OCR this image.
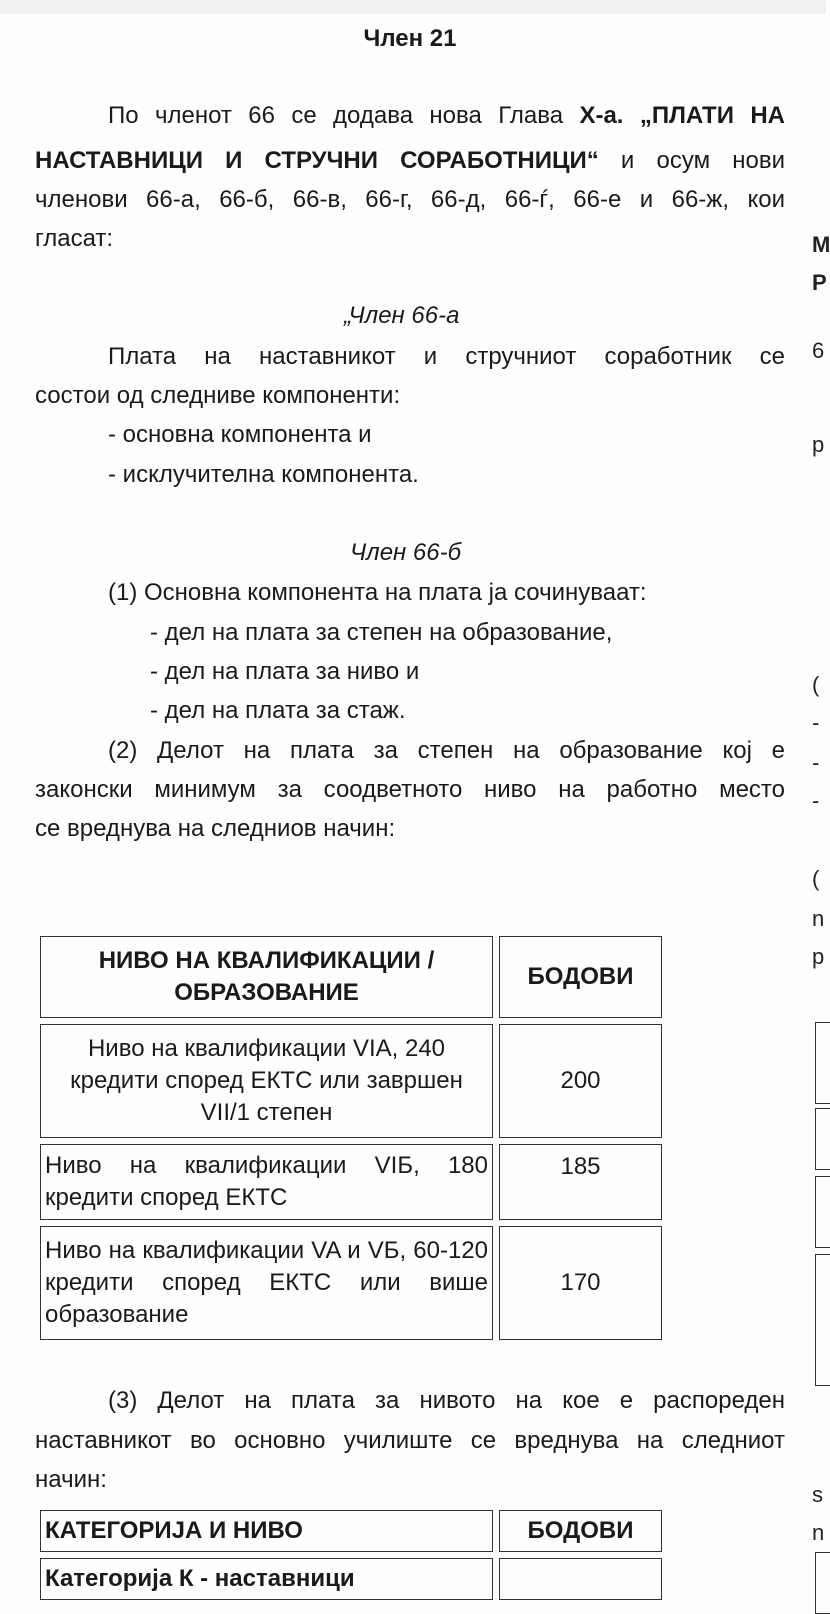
Член 21
По членот 66 се додава нова Глава X-а. „ПЛАТИ НА
НАСТАВНИЦИ И СТРУЧНИ СОРАБОТНИЦИ“ и осум нови
членови 66-а, 66-б, 66-в, 66-г, 66-д, 66-ѓ, 66-е и 66-ж, кои
гласат:
„Член 66-а
Плата на наставникот и стручниот соработник се
состои од следниве компоненти:
- основна компонента и
- исклучителна компонента.
Член 66-б
(1) Основна компонента на плата ја сочинуваат:
- дел на плата за степен на образование,
- дел на плата за ниво и
- дел на плата за стаж.
(2) Делот на плата за степен на образование кој е
законски минимум за соодветното ниво на работно место
се вреднува на следниов начин:
НИВО НА КВАЛИФИКАЦИИ /ОБРАЗОВАНИЕ	БОДОВИ
Ниво на квалификации VIA, 240 кредити според ЕКТС или завршен VII/1 степен	200
Ниво на квалификации VIБ, 180 кредити според ЕКТС	185
Ниво на квалификации VA и VБ, 60-120 кредити според ЕКТС или више образование	170
(3) Делот на плата за нивото на кое е распореден
наставникот во основно училиште се вреднува на следниот
начин:
КАТЕГОРИЈА И НИВО	БОДОВИ
Категорија К - наставници	
M
P
6
p
(
-
-
-
(
n
p
s
n
